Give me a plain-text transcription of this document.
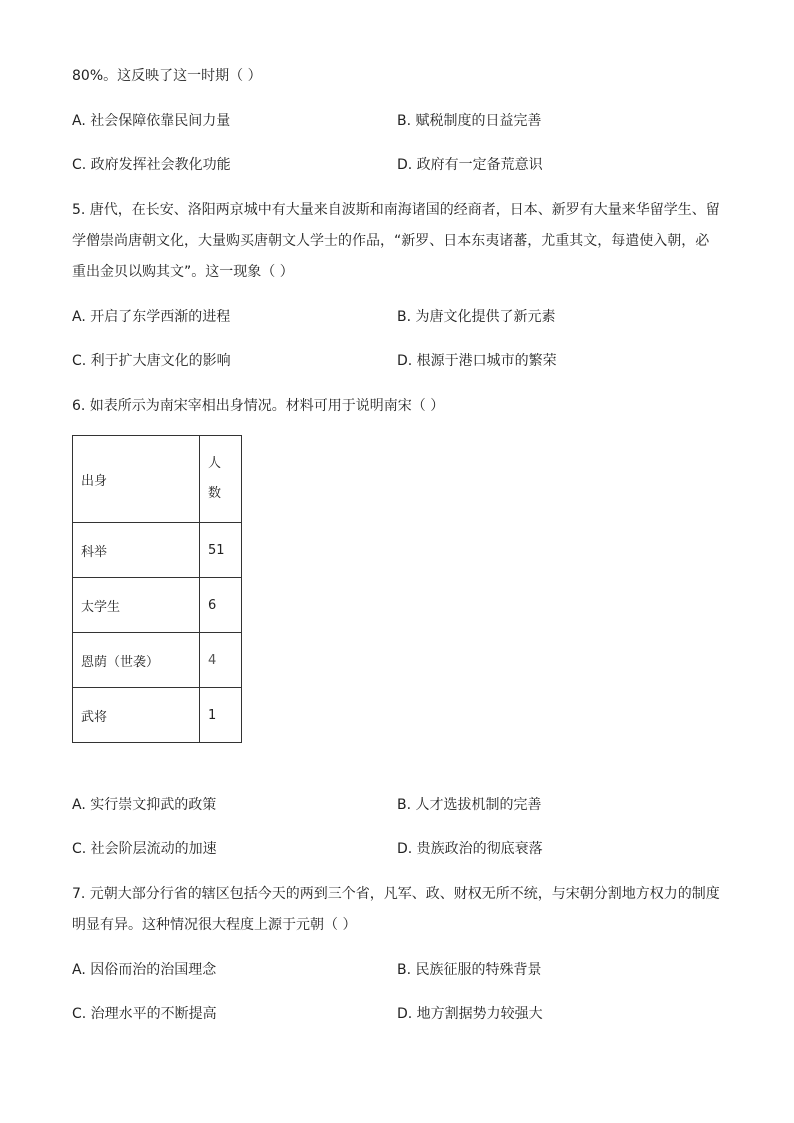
80%。这反映了这一时期（ ）
A. 社会保障依靠民间力量	B. 赋税制度的日益完善
C. 政府发挥社会教化功能	D. 政府有一定备荒意识
5. 唐代，在长安、洛阳两京城中有大量来自波斯和南海诸国的经商者，日本、新罗有大量来华留学生、留
学僧崇尚唐朝文化，大量购买唐朝文人学士的作品，“新罗、日本东夷诸蕃，尤重其文，每遣使入朝，必
重出金贝以购其文”。这一现象（ ）
A. 开启了东学西渐的进程	B. 为唐文化提供了新元素
C. 利于扩大唐文化的影响	D. 根源于港口城市的繁荣
6. 如表所示为南宋宰相出身情况。材料可用于说明南宋（ ）
出身	人
数

科举	51
太学生	6
恩荫（世袭）	4
武将	1
A. 实行崇文抑武的政策	B. 人才选拔机制的完善
C. 社会阶层流动的加速	D. 贵族政治的彻底衰落
7. 元朝大部分行省的辖区包括今天的两到三个省，凡军、政、财权无所不统，与宋朝分割地方权力的制度
明显有异。这种情况很大程度上源于元朝（ ）
A. 因俗而治的治国理念	B. 民族征服的特殊背景
C. 治理水平的不断提高	D. 地方割据势力较强大
